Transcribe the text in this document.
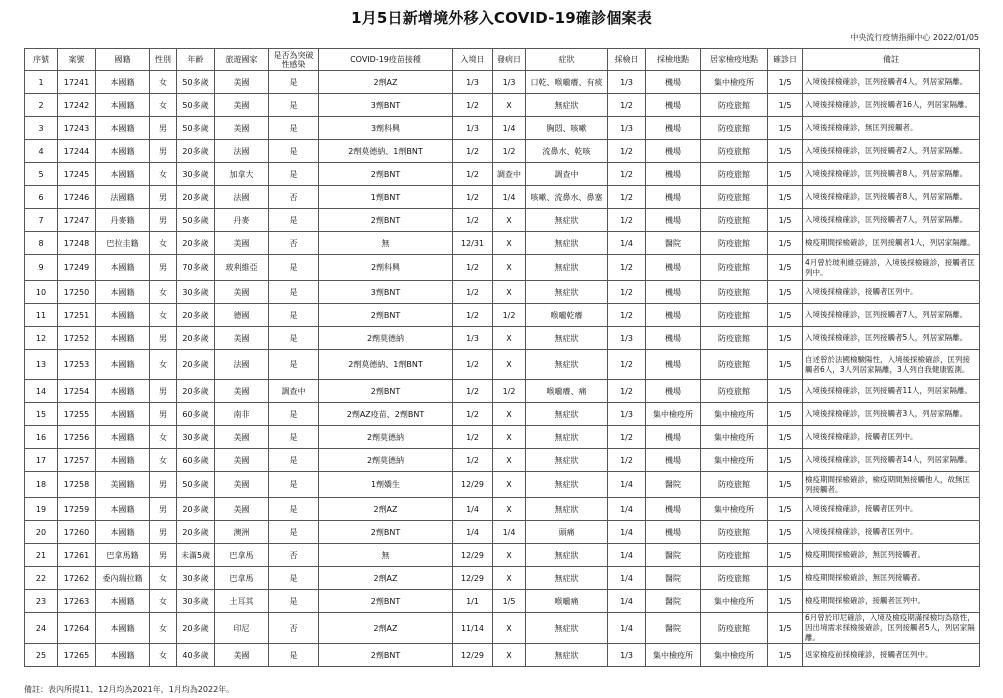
1月5日新增境外移入COVID-19確診個案表
中央流行疫情指揮中心 2022/01/05
序號	案號	國籍	性別	年齡	旅遊國家	是否為突破性感染	COVID-19疫苗接種	入境日	發病日	症狀	採檢日	採檢地點	居家檢疫地點	確診日	備註
1	17241	本國籍	女	50多歲	美國	是	2劑AZ	1/3	1/3	口乾、喉嚨癢、有痰	1/3	機場	集中檢疫所	1/5	入境後採檢確診，匡列接觸者4人，列居家隔離。
2	17242	本國籍	女	50多歲	美國	是	3劑BNT	1/2	X	無症狀	1/2	機場	防疫旅館	1/5	入境後採檢確診，匡列接觸者16人，列居家隔離。
3	17243	本國籍	男	50多歲	美國	是	3劑科興	1/3	1/4	胸悶、咳嗽	1/3	機場	防疫旅館	1/5	入境後採檢確診，無匡列接觸者。
4	17244	本國籍	男	20多歲	法國	是	2劑莫德納、1劑BNT	1/2	1/2	流鼻水、乾咳	1/2	機場	防疫旅館	1/5	入境後採檢確診，匡列接觸者2人，列居家隔離。
5	17245	本國籍	女	30多歲	加拿大	是	2劑BNT	1/2	調查中	調查中	1/2	機場	防疫旅館	1/5	入境後採檢確診，匡列接觸者8人，列居家隔離。
6	17246	法國籍	男	20多歲	法國	否	1劑BNT	1/2	1/4	咳嗽、流鼻水、鼻塞	1/2	機場	防疫旅館	1/5	入境後採檢確診，匡列接觸者8人，列居家隔離。
7	17247	丹麥籍	男	50多歲	丹麥	是	2劑BNT	1/2	X	無症狀	1/2	機場	防疫旅館	1/5	入境後採檢確診，匡列接觸者7人，列居家隔離。
8	17248	巴拉圭籍	女	20多歲	美國	否	無	12/31	X	無症狀	1/4	醫院	防疫旅館	1/5	檢疫期間採檢確診，匡列接觸者1人，列居家隔離。
9	17249	本國籍	男	70多歲	玻利維亞	是	2劑科興	1/2	X	無症狀	1/2	機場	防疫旅館	1/5	4月曾於玻利維亞確診，入境後採檢確診，接觸者匡列中。
10	17250	本國籍	女	30多歲	美國	是	3劑BNT	1/2	X	無症狀	1/2	機場	防疫旅館	1/5	入境後採檢確診，接觸者匡列中。
11	17251	本國籍	女	20多歲	德國	是	2劑BNT	1/2	1/2	喉嚨乾癢	1/2	機場	防疫旅館	1/5	入境後採檢確診，匡列接觸者7人，列居家隔離。
12	17252	本國籍	男	20多歲	美國	是	2劑莫德納	1/3	X	無症狀	1/3	機場	防疫旅館	1/5	入境後採檢確診，匡列接觸者5人，列居家隔離。
13	17253	本國籍	女	20多歲	法國	是	2劑莫德納、1劑BNT	1/2	X	無症狀	1/2	機場	防疫旅館	1/5	自述曾於法國檢驗陽性，入境後採檢確診，匡列接觸者6人，3人列居家隔離，3人列自我健康監測。
14	17254	本國籍	男	20多歲	美國	調查中	2劑BNT	1/2	1/2	喉嚨癢、痛	1/2	機場	防疫旅館	1/5	入境後採檢確診，匡列接觸者11人，列居家隔離。
15	17255	本國籍	男	60多歲	南非	是	2劑AZ疫苗、2劑BNT	1/2	X	無症狀	1/3	集中檢疫所	集中檢疫所	1/5	入境後採檢確診，匡列接觸者3人，列居家隔離。
16	17256	本國籍	女	30多歲	美國	是	2劑莫德納	1/2	X	無症狀	1/2	機場	集中檢疫所	1/5	入境後採檢確診，接觸者匡列中。
17	17257	本國籍	女	60多歲	美國	是	2劑莫德納	1/2	X	無症狀	1/2	機場	集中檢疫所	1/5	入境後採檢確診，匡列接觸者14人，列居家隔離。
18	17258	美國籍	男	50多歲	美國	是	1劑嬌生	12/29	X	無症狀	1/4	醫院	防疫旅館	1/5	檢疫期間採檢確診，檢疫期間無接觸他人，故無匡列接觸者。
19	17259	本國籍	男	20多歲	美國	是	2劑AZ	1/4	X	無症狀	1/4	機場	集中檢疫所	1/5	入境後採檢確診，接觸者匡列中。
20	17260	本國籍	男	20多歲	澳洲	是	2劑BNT	1/4	1/4	頭痛	1/4	機場	防疫旅館	1/5	入境後採檢確診，接觸者匡列中。
21	17261	巴拿馬籍	男	未滿5歲	巴拿馬	否	無	12/29	X	無症狀	1/4	醫院	防疫旅館	1/5	檢疫期間採檢確診，無匡列接觸者。
22	17262	委內瑞拉籍	女	30多歲	巴拿馬	是	2劑AZ	12/29	X	無症狀	1/4	醫院	防疫旅館	1/5	檢疫期間採檢確診，無匡列接觸者。
23	17263	本國籍	女	30多歲	土耳其	是	2劑BNT	1/1	1/5	喉嚨痛	1/4	醫院	集中檢疫所	1/5	檢疫期間採檢確診，接觸者匡列中。
24	17264	本國籍	女	20多歲	印尼	否	2劑AZ	11/14	X	無症狀	1/4	醫院	防疫旅館	1/5	6月曾於印尼確診，入境及檢疫期滿採檢均為陰性，因出境需求採檢後確診，匡列接觸者5人，列居家隔離。
25	17265	本國籍	女	40多歲	美國	是	2劑BNT	12/29	X	無症狀	1/3	集中檢疫所	集中檢疫所	1/5	返家檢疫前採檢確診，接觸者匡列中。
備註：表內所提11、12月均為2021年，1月均為2022年。
